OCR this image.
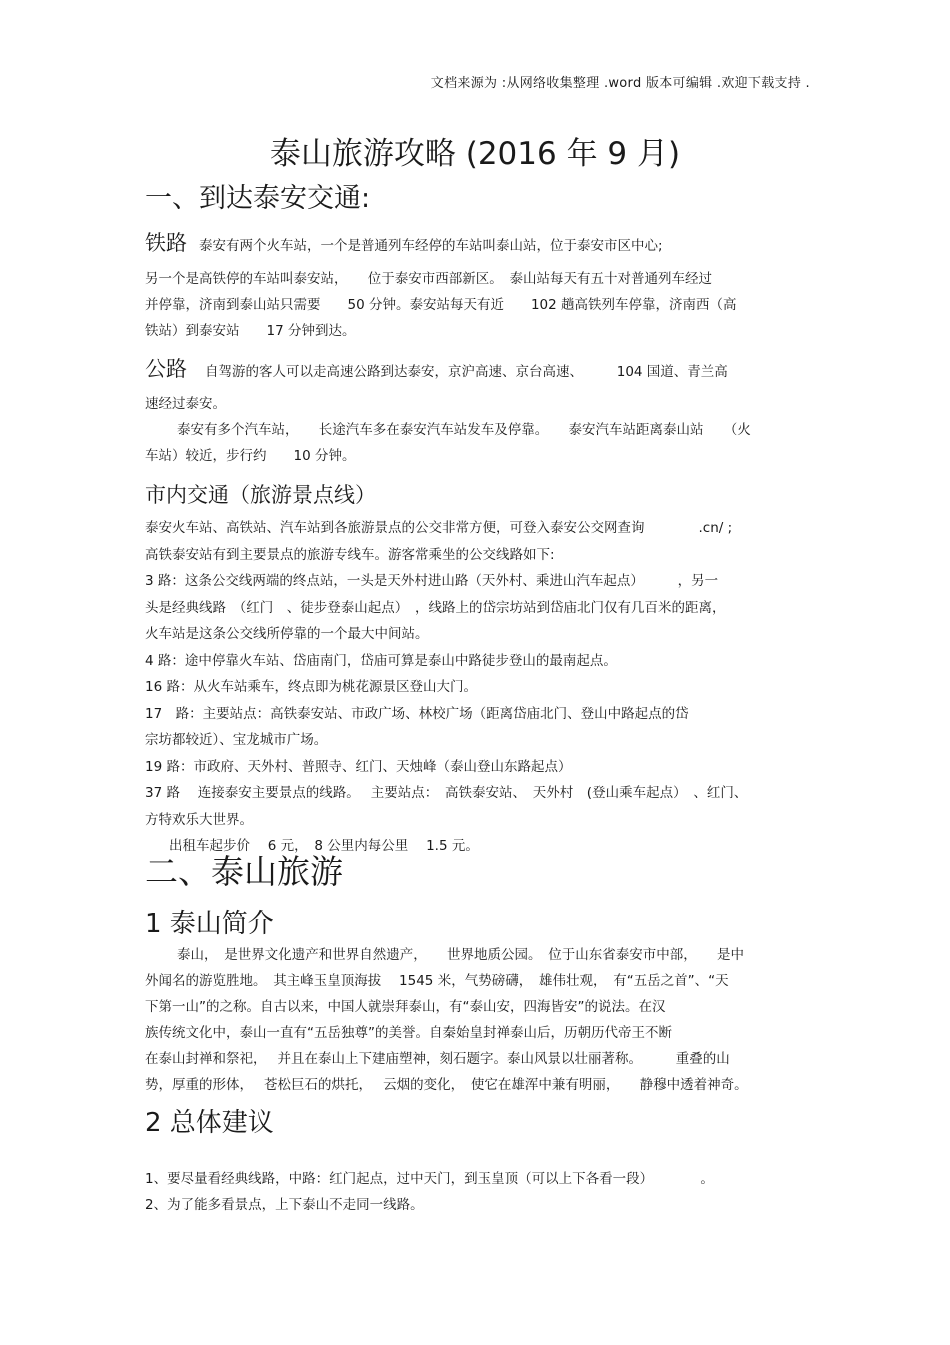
文档来源为 :从网络收集整理 .word 版本可编辑 .欢迎下载支持 .
泰山旅游攻略 (2016 年 9 月)
一、到达泰安交通:
铁路 泰安有两个火车站，一个是普通列车经停的车站叫泰山站，位于泰安市区中心;
另一个是高铁停的车站叫泰安站，　　位于泰安市西部新区。　泰山站每天有五十对普通列车经过
并停靠，济南到泰山站只需要　　50 分钟。泰安站每天有近　　102 趟高铁列车停靠，济南西（高
铁站）到泰安站　　17 分钟到达。
公路 自驾游的客人可以走高速公路到达泰安，京沪高速、京台高速、　　　104 国道、青兰高
速经过泰安。
泰安有多个汽车站，　　长途汽车多在泰安汽车站发车及停靠。　　泰安汽车站距离泰山站　　（火
车站）较近，步行约　　10 分钟。
市内交通（旅游景点线）
泰安火车站、高铁站、汽车站到各旅游景点的公交非常方便，可登入泰安公交网查询　　　　.cn/ ;
高铁泰安站有到主要景点的旅游专线车。游客常乘坐的公交线路如下:
3 路：这条公交线两端的终点站，一头是天外村进山路（天外村、乘进山汽车起点）　　　，另一
头是经典线路　（红门　、徒步登泰山起点）　，线路上的岱宗坊站到岱庙北门仅有几百米的距离，
火车站是这条公交线所停靠的一个最大中间站。
4 路：途中停靠火车站、岱庙南门，岱庙可算是泰山中路徒步登山的最南起点。
16 路：从火车站乘车，终点即为桃花源景区登山大门。
17　路：主要站点：高铁泰安站、市政广场、林校广场（距离岱庙北门、登山中路起点的岱
宗坊都较近）、宝龙城市广场。
19 路：市政府、天外村、普照寺、红门、天烛峰（泰山登山东路起点）
37 路　 连接泰安主要景点的线路。　 主要站点：　高铁泰安站、　天外村　(登山乘车起点）　、红门、
方特欢乐大世界。
出租车起步价　 6 元，　8 公里内每公里　 1.5 元。
二、泰山旅游
1 泰山简介
泰山，　是世界文化遗产和世界自然遗产，　　世界地质公园。　位于山东省泰安市中部，　　是中
外闻名的游览胜地。　其主峰玉皇顶海拔　 1545 米，气势磅礴，　雄伟壮观，　有“五岳之首”、“天
下第一山”的之称。自古以来，中国人就崇拜泰山，有“泰山安，四海皆安”的说法。在汉
族传统文化中，泰山一直有“五岳独尊”的美誉。自秦始皇封禅泰山后，历朝历代帝王不断
在泰山封禅和祭祀，　 并且在泰山上下建庙塑神，刻石题字。泰山风景以壮丽著称。　　　重叠的山
势，厚重的形体，　 苍松巨石的烘托，　 云烟的变化，　使它在雄浑中兼有明丽，　　静穆中透着神奇。
2 总体建议
1、要尽量看经典线路，中路：红门起点，过中天门，到玉皇顶（可以上下各看一段）　　　　。
2、为了能多看景点，上下泰山不走同一线路。
